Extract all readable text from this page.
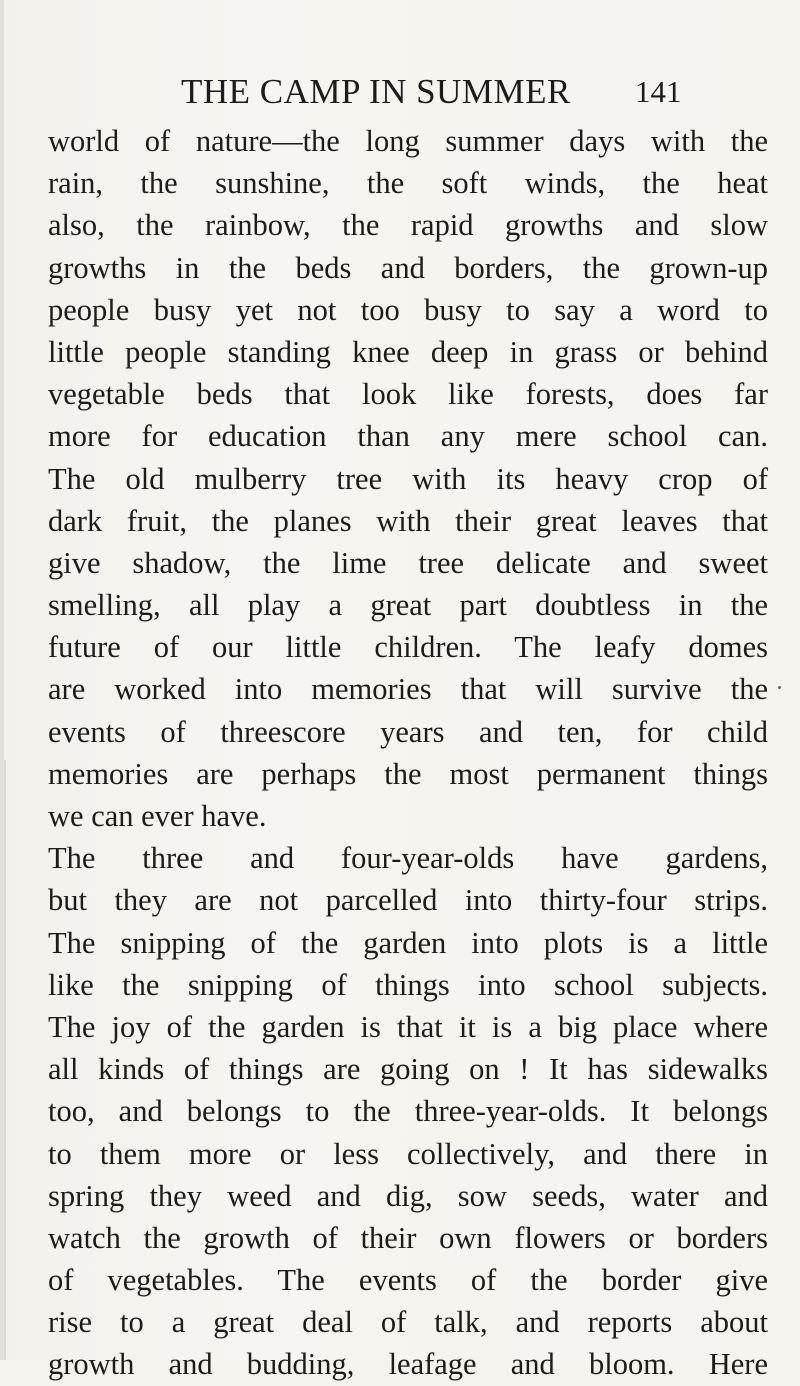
THE CAMP IN SUMMER 141
world of nature—the long summer days with the
rain, the sunshine, the soft winds, the heat
also, the rainbow, the rapid growths and slow
growths in the beds and borders, the grown-up
people busy yet not too busy to say a word to
little people standing knee deep in grass or behind
vegetable beds that look like forests, does far
more for education than any mere school can.
The old mulberry tree with its heavy crop of
dark fruit, the planes with their great leaves that
give shadow, the lime tree delicate and sweet
smelling, all play a great part doubtless in the
future of our little children. The leafy domes
are worked into memories that will survive the
events of threescore years and ten, for child
memories are perhaps the most permanent things
we can ever have.
The three and four-year-olds have gardens,
but they are not parcelled into thirty-four strips.
The snipping of the garden into plots is a little
like the snipping of things into school subjects.
The joy of the garden is that it is a big place where
all kinds of things are going on ! It has sidewalks
too, and belongs to the three-year-olds. It belongs
to them more or less collectively, and there in
spring they weed and dig, sow seeds, water and
watch the growth of their own flowers or borders
of vegetables. The events of the border give
rise to a great deal of talk, and reports about
growth and budding, leafage and bloom. Here
